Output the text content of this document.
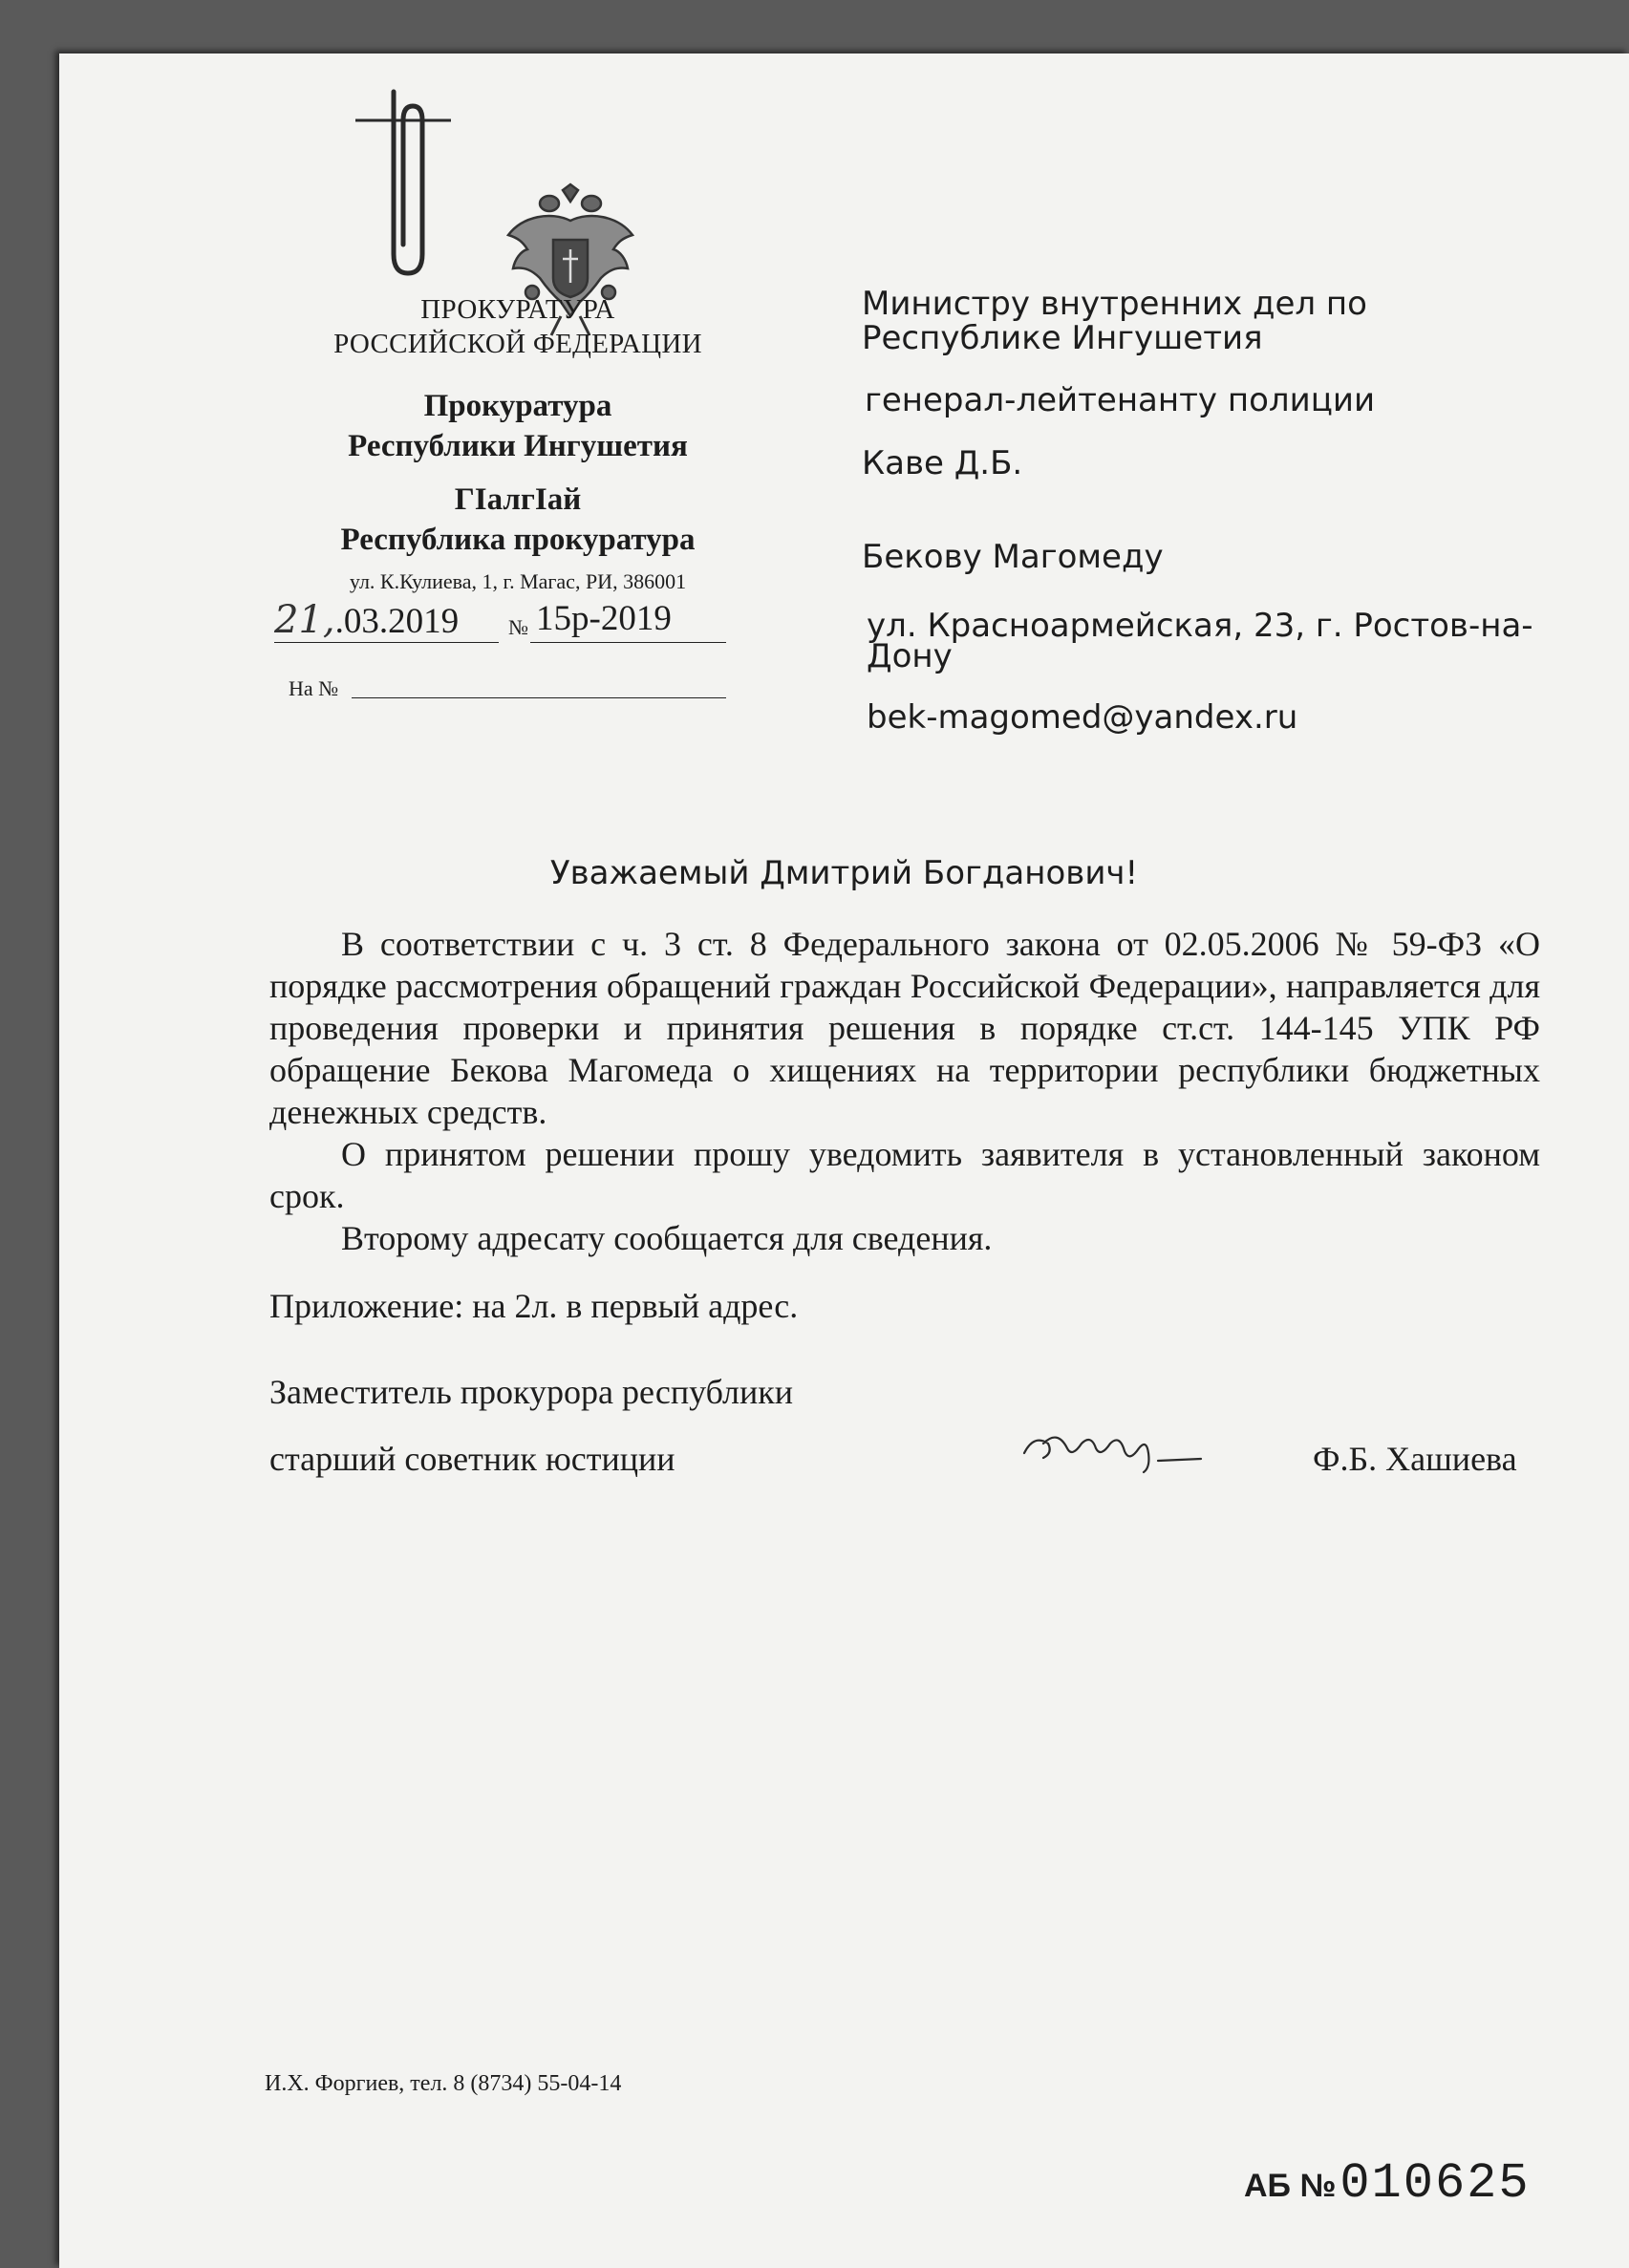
ПРОКУРАТУРА
РОССИЙСКОЙ ФЕДЕРАЦИИ
Прокуратура
Республики Ингушетия
ГӀалгӀай
Республика прокуратура
ул. К.Кулиева, 1, г. Магас, РИ, 386001
21,.03.2019	№ 15р-2019
На №
Министру внутренних дел по
Республике Ингушетия
генерал-лейтенанту полиции
Каве Д.Б.
Бекову Магомеду
ул. Красноармейская, 23, г. Ростов-на-
Дону
bek-magomed@yandex.ru
Уважаемый Дмитрий Богданович!
В соответствии с ч. 3 ст. 8 Федерального закона от 02.05.2006 № 59-ФЗ «О порядке рассмотрения обращений граждан Российской Федерации», направляется для проведения проверки и принятия решения в порядке ст.ст. 144-145 УПК РФ обращение Бекова Магомеда о хищениях на территории республики бюджетных денежных средств.
О принятом решении прошу уведомить заявителя в установленный законом срок.
Второму адресату сообщается для сведения.
Приложение: на 2л. в первый адрес.
Заместитель прокурора республики
старший советник юстиции	Ф.Б. Хашиева
И.Х. Форгиев, тел. 8 (8734) 55-04-14
АБ № 010625
